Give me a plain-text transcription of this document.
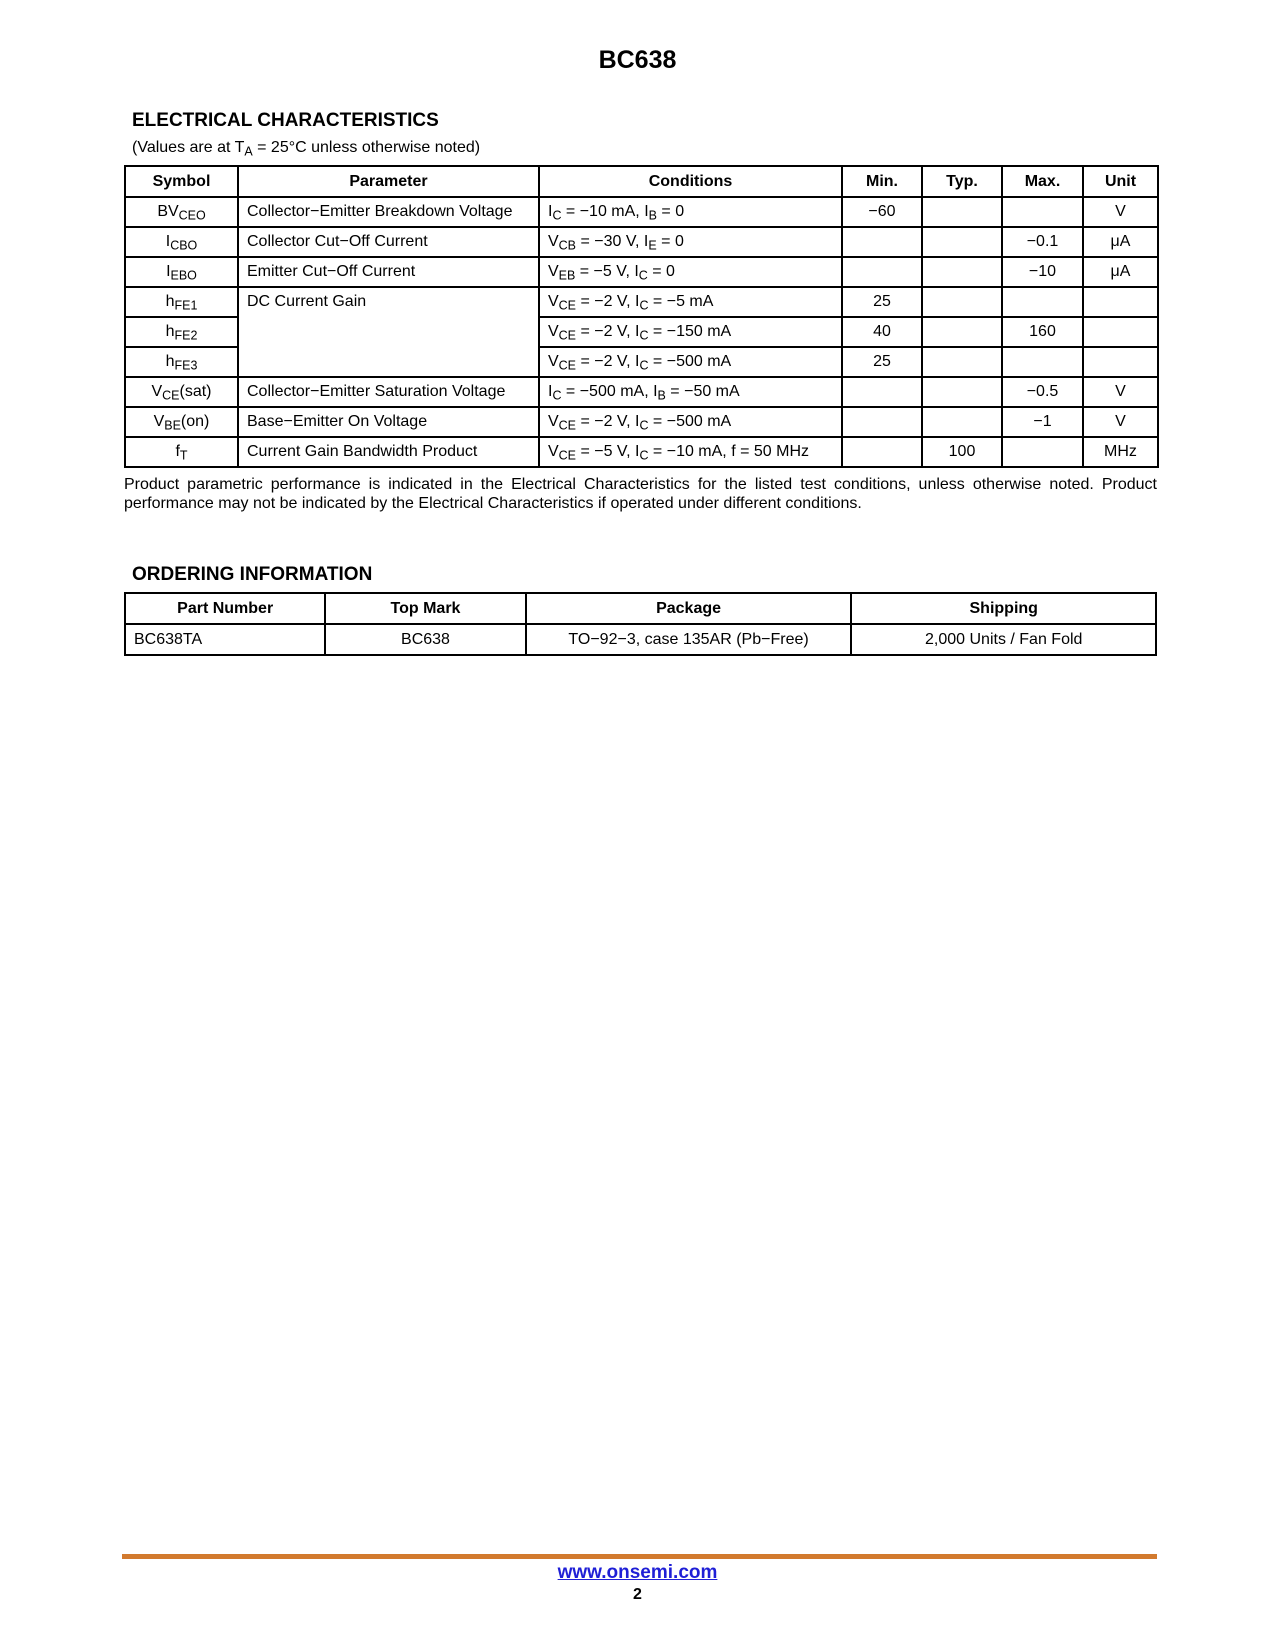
BC638
ELECTRICAL CHARACTERISTICS
(Values are at $T_A = 25^\circ C$ unless otherwise noted)
Symbol	Parameter	Conditions	Min.	Typ.	Max.	Unit
$BV_{CEO}$	Collector−Emitter Breakdown Voltage	$I_C = -10$ mA, $I_B = 0$	−60			V
$I_{CBO}$	Collector Cut−Off Current	$V_{CB} = -30$ V, $I_E = 0$			−0.1	μA
$I_{EBO}$	Emitter Cut−Off Current	$V_{EB} = -5$ V, $I_C = 0$			−10	μA
$h_{FE1}$	DC Current Gain	$V_{CE} = -2$ V, $I_C = -5$ mA	25			
$h_{FE2}$		$V_{CE} = -2$ V, $I_C = -150$ mA	40		160	
$h_{FE3}$		$V_{CE} = -2$ V, $I_C = -500$ mA	25			
$V_{CE}(sat)$	Collector−Emitter Saturation Voltage	$I_C = -500$ mA, $I_B = -50$ mA			−0.5	V
$V_{BE}(on)$	Base−Emitter On Voltage	$V_{CE} = -2$ V, $I_C = -500$ mA			−1	V
$f_T$	Current Gain Bandwidth Product	$V_{CE} = -5$ V, $I_C = -10$ mA, f = 50 MHz		100		MHz
Product parametric performance is indicated in the Electrical Characteristics for the listed test conditions, unless otherwise noted. Product performance may not be indicated by the Electrical Characteristics if operated under different conditions.
ORDERING INFORMATION
Part Number	Top Mark	Package	Shipping
BC638TA	BC638	TO−92−3, case 135AR (Pb−Free)	2,000 Units / Fan Fold
www.onsemi.com
2
